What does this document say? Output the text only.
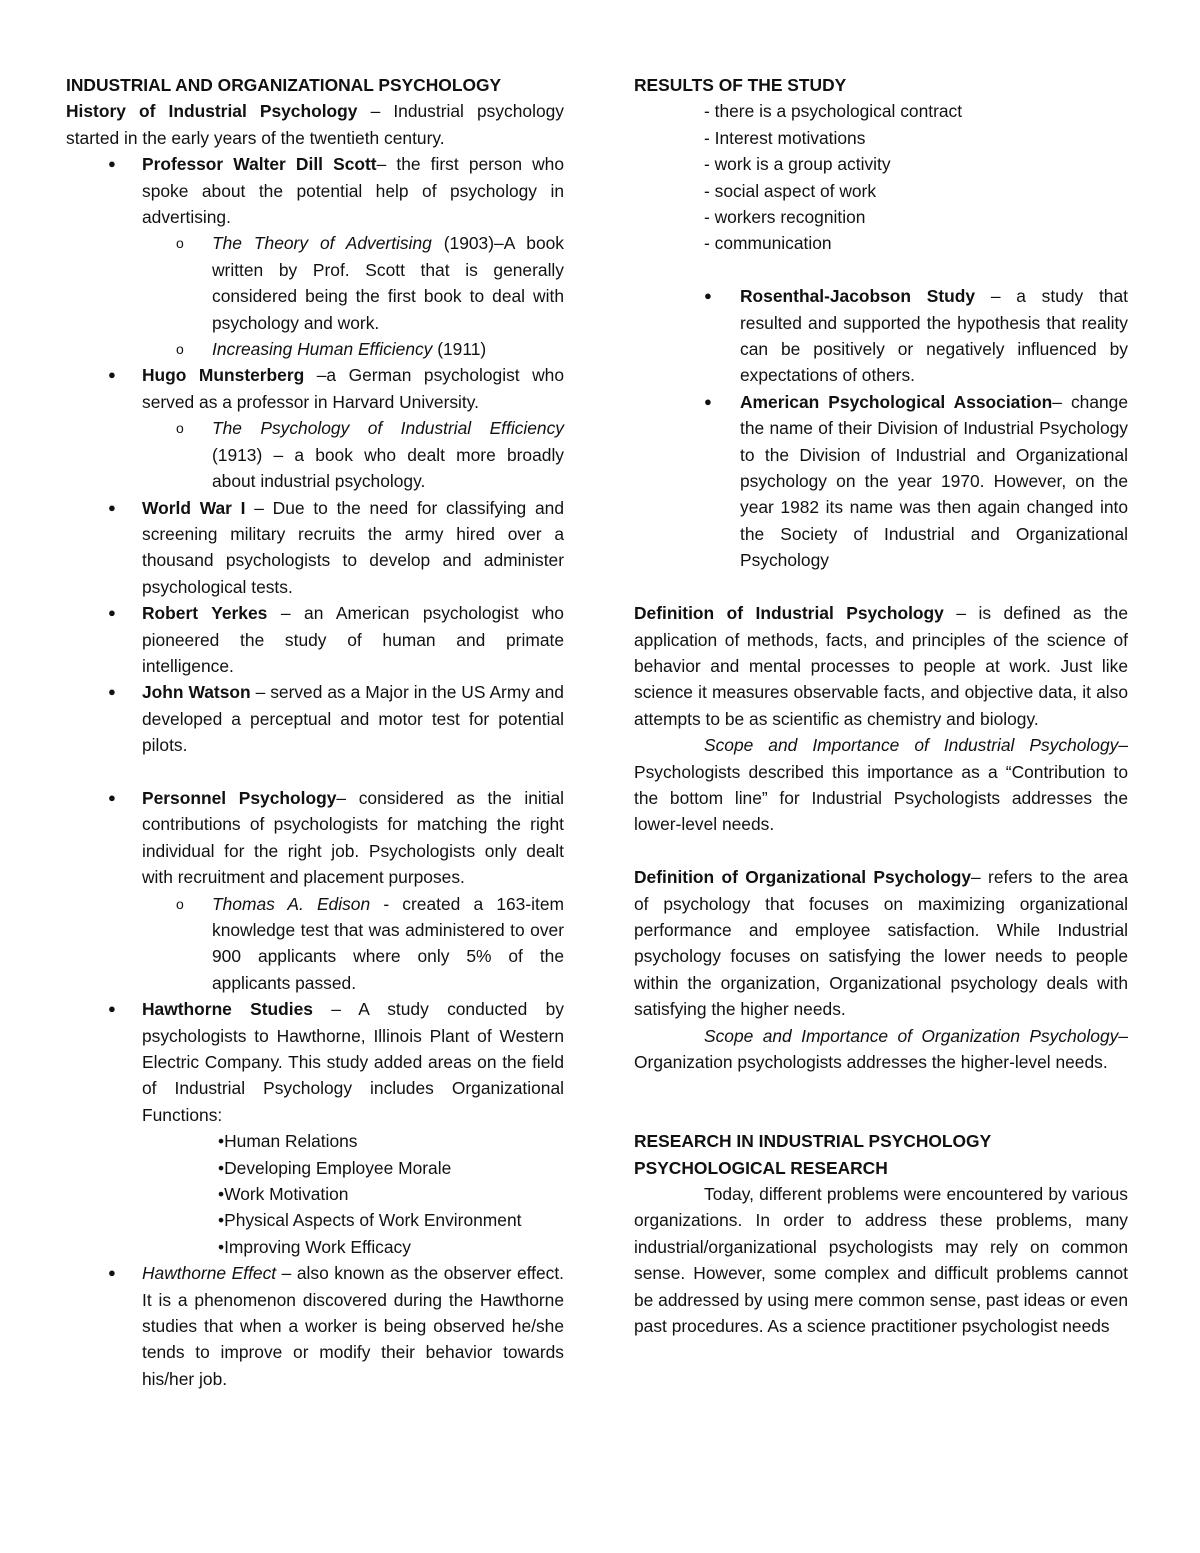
INDUSTRIAL AND ORGANIZATIONAL PSYCHOLOGY

History of Industrial Psychology – Industrial psychology started in the early years of the twentieth century.

● Professor Walter Dill Scott– the first person who spoke about the potential help of psychology in advertising.
o The Theory of Advertising (1903)–A book written by Prof. Scott that is generally considered being the first book to deal with psychology and work.
o Increasing Human Efficiency (1911)
● Hugo Munsterberg –a German psychologist who served as a professor in Harvard University.
o The Psychology of Industrial Efficiency (1913) – a book who dealt more broadly about industrial psychology.
● World War I – Due to the need for classifying and screening military recruits the army hired over a thousand psychologists to develop and administer psychological tests.
● Robert Yerkes – an American psychologist who pioneered the study of human and primate intelligence.
● John Watson – served as a Major in the US Army and developed a perceptual and motor test for potential pilots.
● Personnel Psychology– considered as the initial contributions of psychologists for matching the right individual for the right job. Psychologists only dealt with recruitment and placement purposes.
o Thomas A. Edison - created a 163-item knowledge test that was administered to over 900 applicants where only 5% of the applicants passed.
● Hawthorne Studies – A study conducted by psychologists to Hawthorne, Illinois Plant of Western Electric Company. This study added areas on the field of Industrial Psychology includes Organizational Functions:

•Human Relations

•Developing Employee Morale

•Work Motivation

•Physical Aspects of Work Environment

•Improving Work Efficacy

● Hawthorne Effect – also known as the observer effect. It is a phenomenon discovered during the Hawthorne studies that when a worker is being observed he/she tends to improve or modify their behavior towards his/her job.

RESULTS OF THE STUDY

- there is a psychological contract

- Interest motivations

- work is a group activity

- social aspect of work

- workers recognition

- communication

● Rosenthal-Jacobson Study – a study that resulted and supported the hypothesis that reality can be positively or negatively influenced by expectations of others.
● American Psychological Association– change the name of their Division of Industrial Psychology to the Division of Industrial and Organizational psychology on the year 1970. However, on the year 1982 its name was then again changed into the Society of Industrial and Organizational Psychology

Definition of Industrial Psychology – is defined as the application of methods, facts, and principles of the science of behavior and mental processes to people at work. Just like science it measures observable facts, and objective data, it also attempts to be as scientific as chemistry and biology.

Scope and Importance of Industrial Psychology–Psychologists described this importance as a “Contribution to the bottom line” for Industrial Psychologists addresses the lower-level needs.

Definition of Organizational Psychology– refers to the area of psychology that focuses on maximizing organizational performance and employee satisfaction. While Industrial psychology focuses on satisfying the lower needs to people within the organization, Organizational psychology deals with satisfying the higher needs.

Scope and Importance of Organization Psychology–Organization psychologists addresses the higher-level needs.

RESEARCH IN INDUSTRIAL PSYCHOLOGY

PSYCHOLOGICAL RESEARCH

Today, different problems were encountered by various organizations. In order to address these problems, many industrial/organizational psychologists may rely on common sense. However, some complex and difficult problems cannot be addressed by using mere common sense, past ideas or even past procedures. As a science practitioner psychologist needs
